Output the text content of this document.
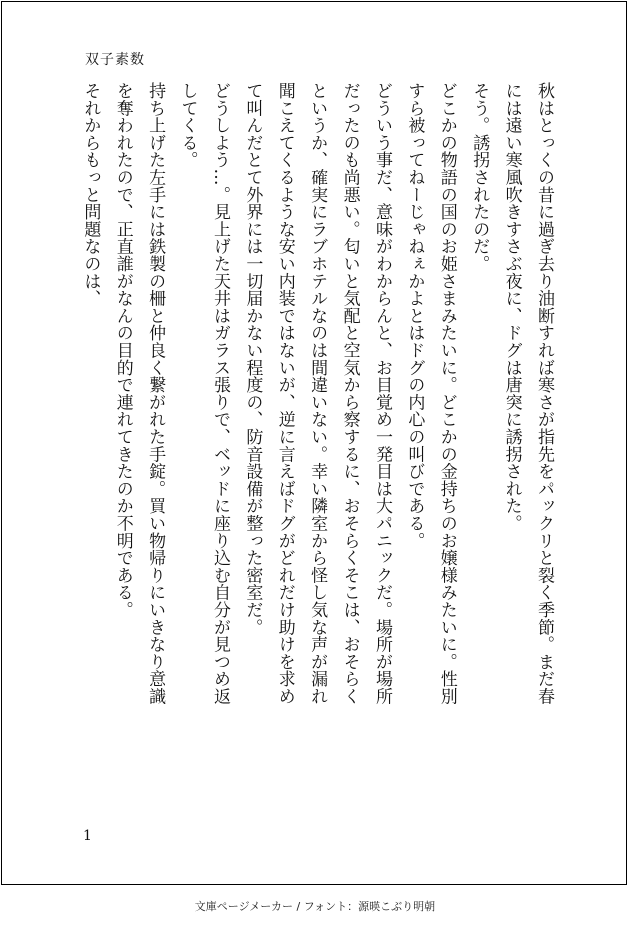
双子素数
秋はとっくの昔に過ぎ去り油断すれば寒さが指先をパックリと裂く季節。まだ春
には遠い寒風吹きすさぶ夜に、ドグは唐突に誘拐された。
そう。誘拐されたのだ。
どこかの物語の国のお姫さまみたいに。どこかの金持ちのお嬢様みたいに。性別
すら被ってねーじゃねぇかよとはドグの内心の叫びである。
どういう事だ、意味がわからんと、お目覚め一発目は大パニックだ。場所が場所
だったのも尚悪い。匂いと気配と空気から察するに、おそらくそこは、おそらく
というか、確実にラブホテルなのは間違いない。幸い隣室から怪し気な声が漏れ
聞こえてくるような安い内装ではないが、逆に言えばドグがどれだけ助けを求め
て叫んだとて外界には一切届かない程度の、防音設備が整った密室だ。
どうしよう…。見上げた天井はガラス張りで、ベッドに座り込む自分が見つめ返
してくる。
持ち上げた左手には鉄製の柵と仲良く繋がれた手錠。買い物帰りにいきなり意識
を奪われたので、正直誰がなんの目的で連れてきたのか不明である。
それからもっと問題なのは、
1
文庫ページメーカー / フォント：源暎こぶり明朝
